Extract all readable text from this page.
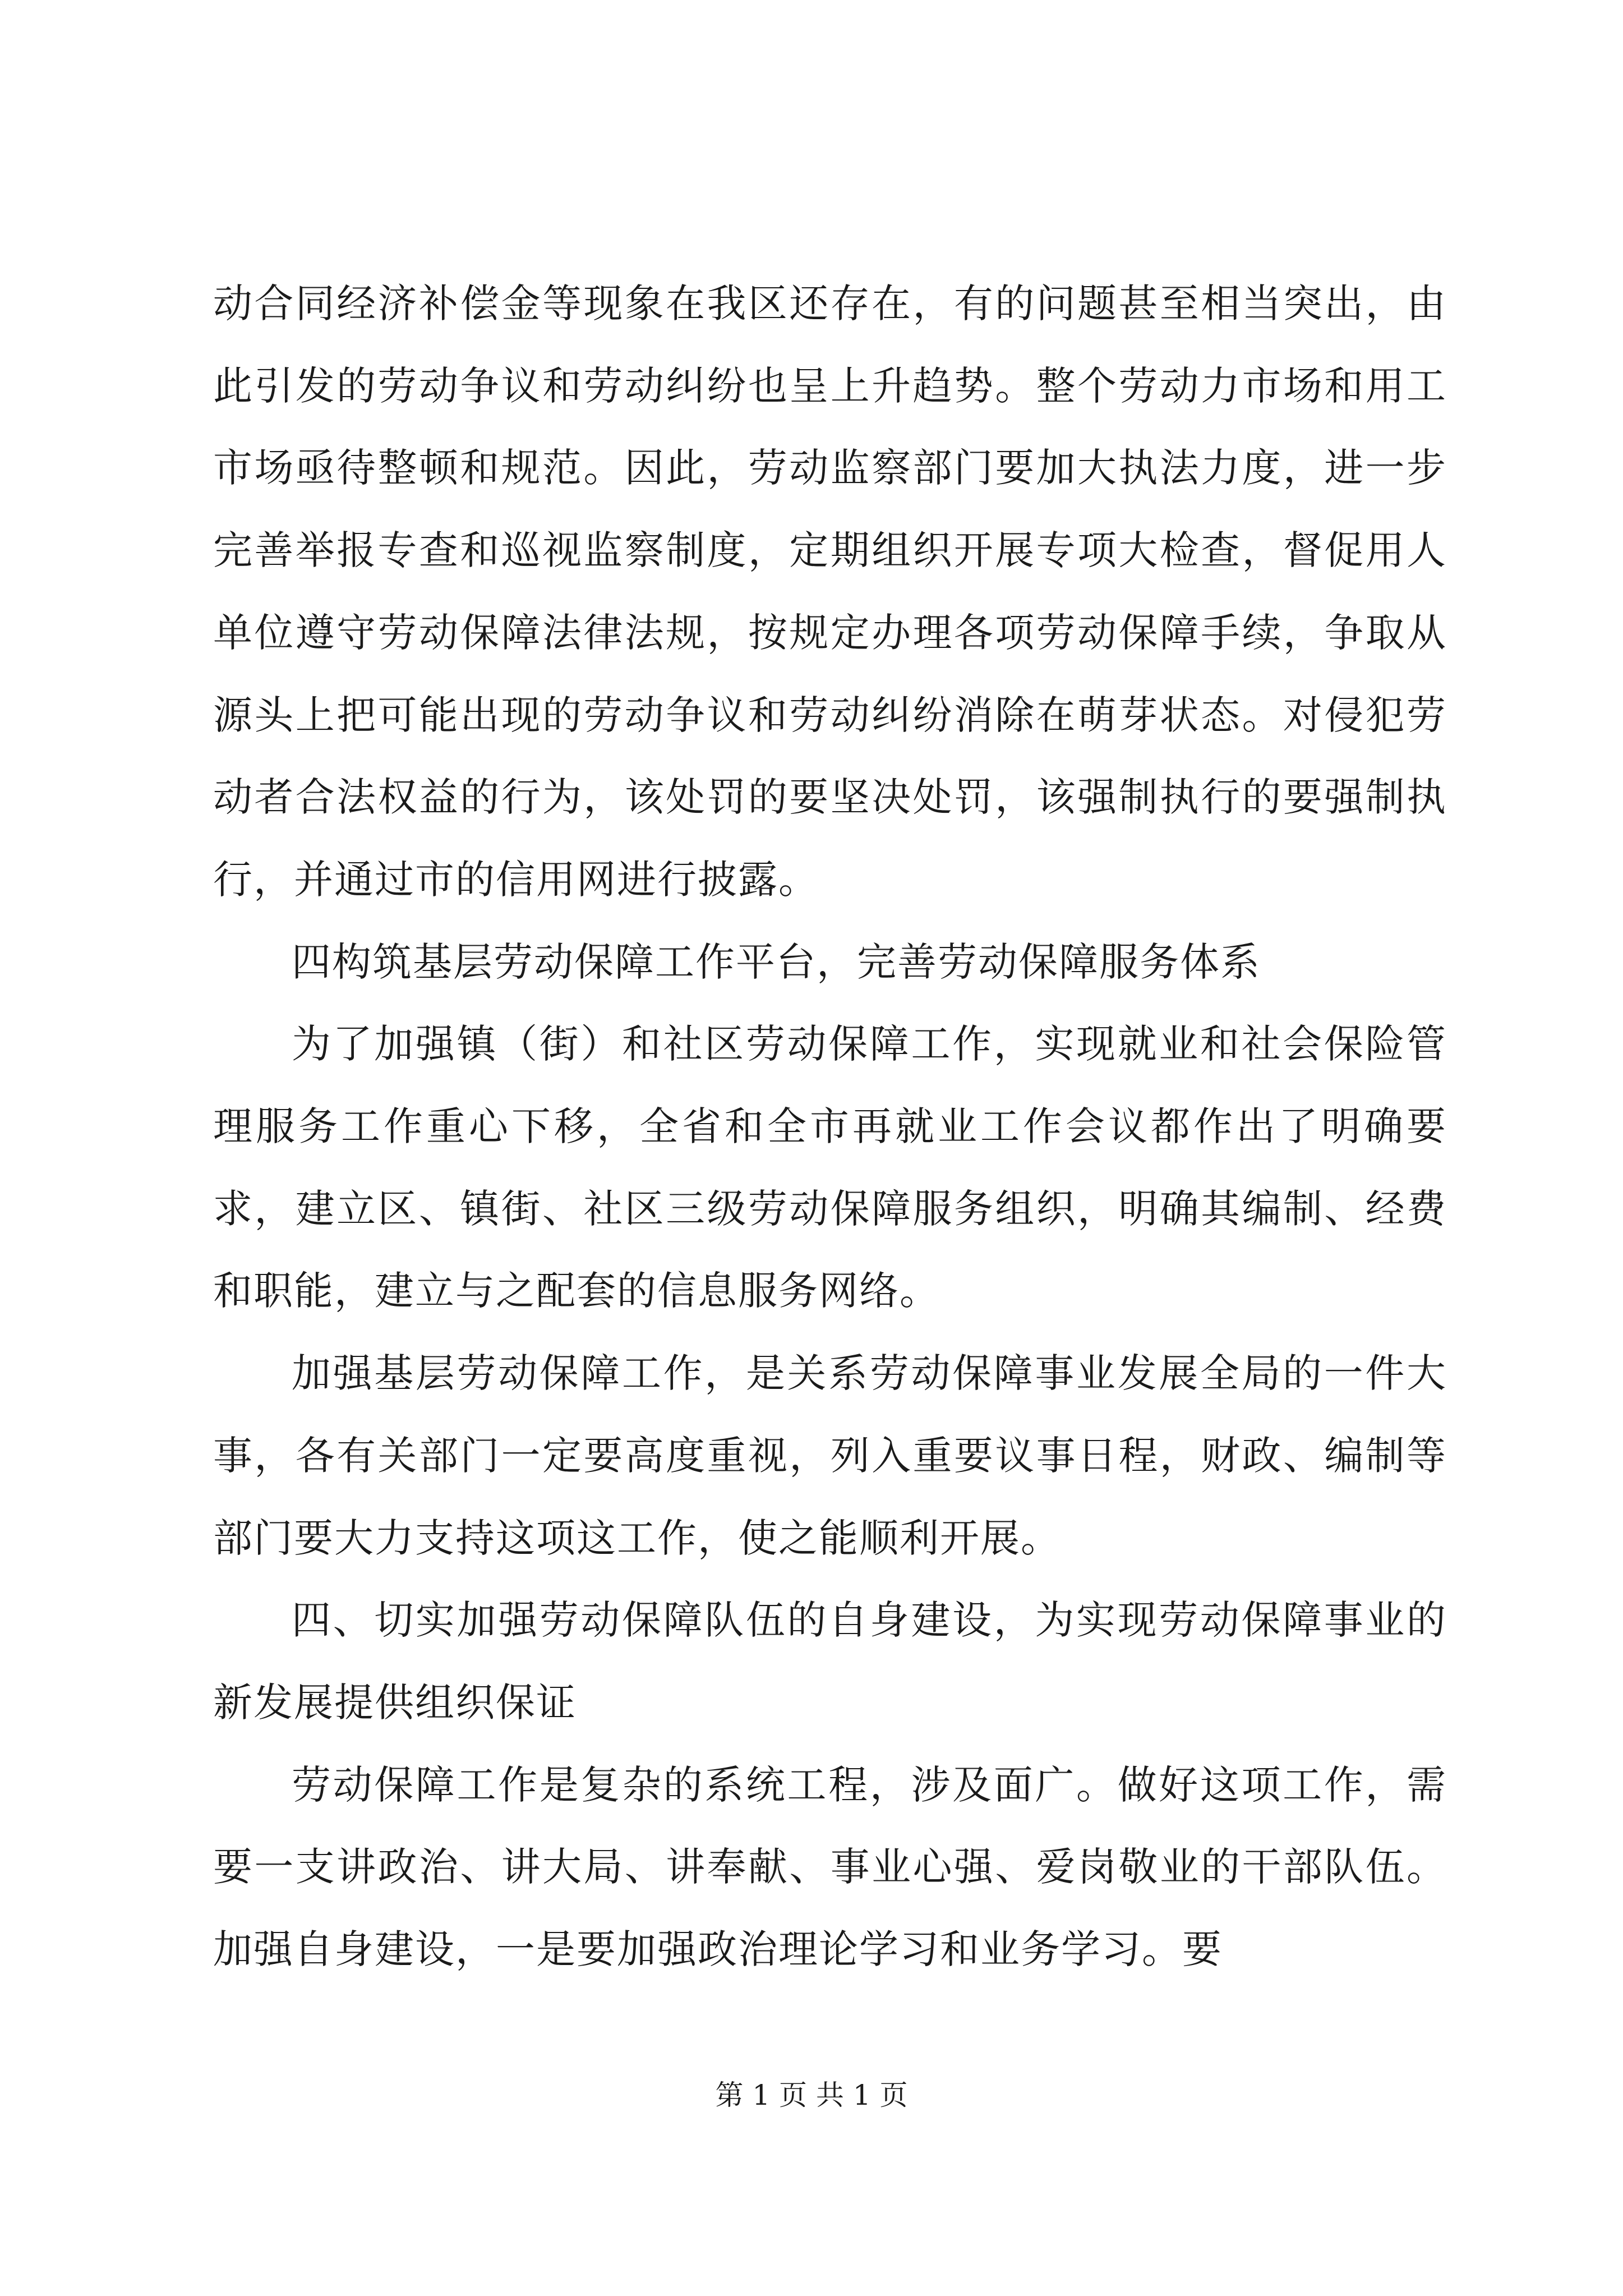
动合同经济补偿金等现象在我区还存在，有的问题甚至相当突出，由此引发的劳动争议和劳动纠纷也呈上升趋势。整个劳动力市场和用工市场亟待整顿和规范。因此，劳动监察部门要加大执法力度，进一步完善举报专查和巡视监察制度，定期组织开展专项大检查，督促用人单位遵守劳动保障法律法规，按规定办理各项劳动保障手续，争取从源头上把可能出现的劳动争议和劳动纠纷消除在萌芽状态。对侵犯劳动者合法权益的行为，该处罚的要坚决处罚，该强制执行的要强制执行，并通过市的信用网进行披露。

四构筑基层劳动保障工作平台，完善劳动保障服务体系

为了加强镇（街）和社区劳动保障工作，实现就业和社会保险管理服务工作重心下移，全省和全市再就业工作会议都作出了明确要求，建立区、镇街、社区三级劳动保障服务组织，明确其编制、经费和职能，建立与之配套的信息服务网络。

加强基层劳动保障工作，是关系劳动保障事业发展全局的一件大事，各有关部门一定要高度重视，列入重要议事日程，财政、编制等部门要大力支持这项这工作，使之能顺利开展。

四、切实加强劳动保障队伍的自身建设，为实现劳动保障事业的新发展提供组织保证

劳动保障工作是复杂的系统工程，涉及面广。做好这项工作，需要一支讲政治、讲大局、讲奉献、事业心强、爱岗敬业的干部队伍。加强自身建设，一是要加强政治理论学习和业务学习。要

第 1 页 共 1 页
